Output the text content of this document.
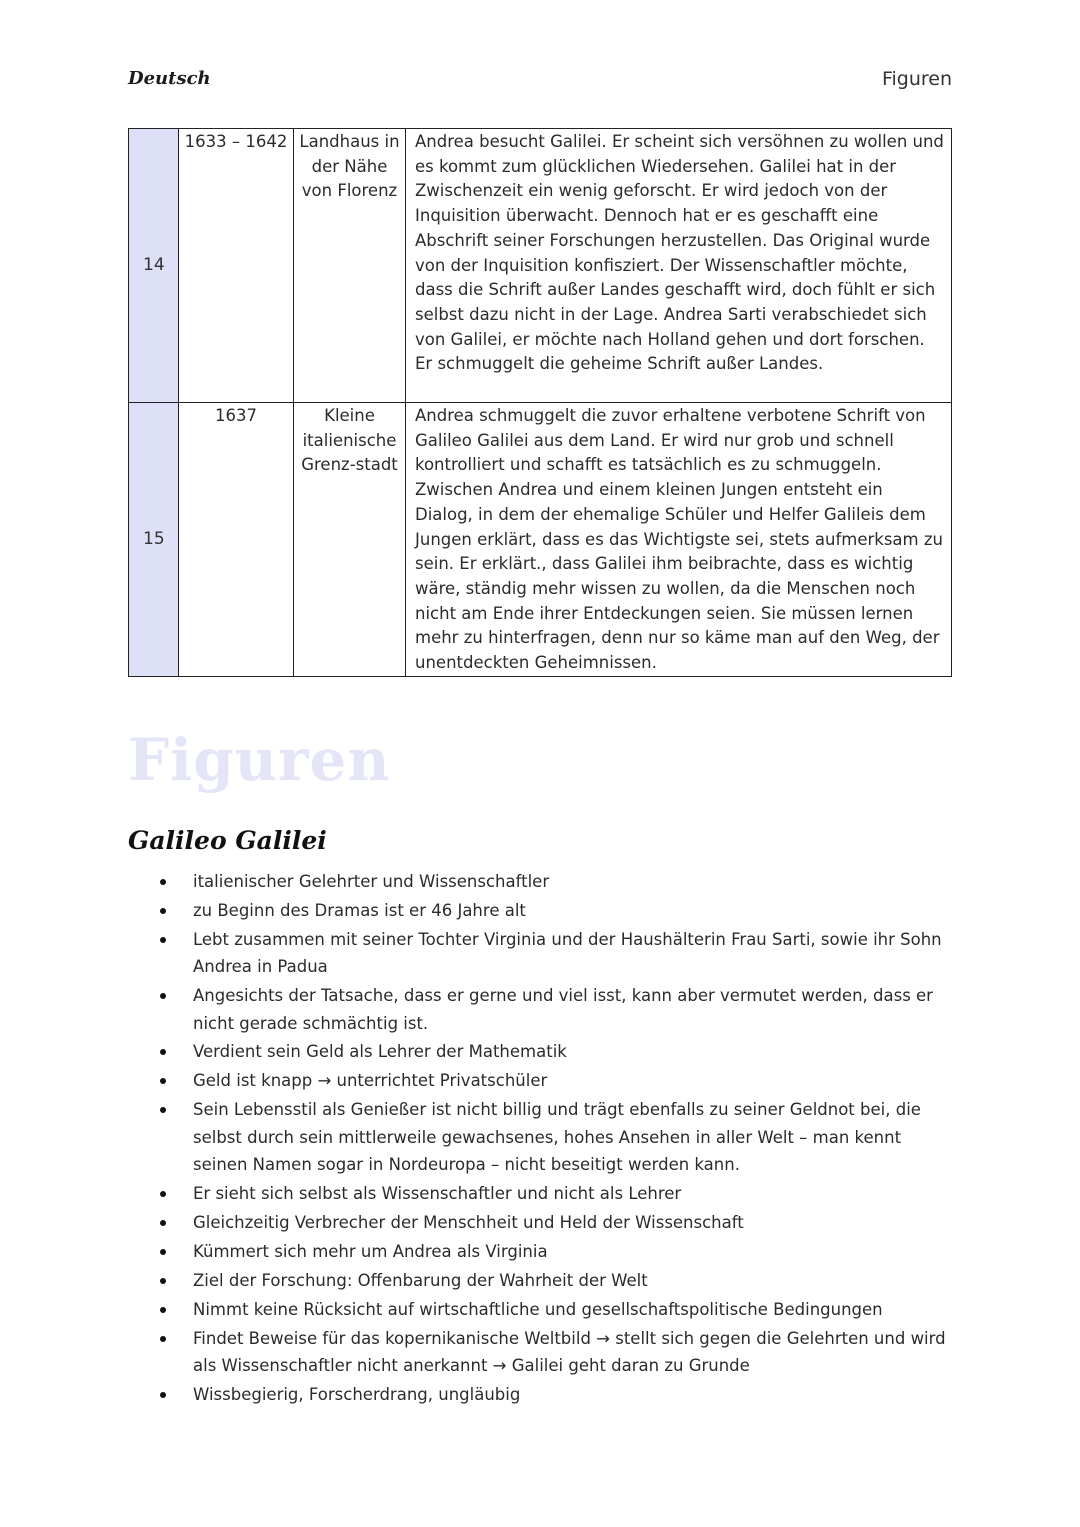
Deutsch	Figuren
14	1633 – 1642	Landhaus in der Nähe von Florenz	Andrea besucht Galilei. Er scheint sich versöhnen zu wollen und es kommt zum glücklichen Wiedersehen. Galilei hat in der Zwischenzeit ein wenig geforscht. Er wird jedoch von der Inquisition überwacht. Dennoch hat er es geschafft eine Abschrift seiner Forschungen herzustellen. Das Original wurde von der Inquisition konfisziert. Der Wissenschaftler möchte, dass die Schrift außer Landes geschafft wird, doch fühlt er sich selbst dazu nicht in der Lage. Andrea Sarti verabschiedet sich von Galilei, er möchte nach Holland gehen und dort forschen. Er schmuggelt die geheime Schrift außer Landes.
15	1637	Kleine italienische Grenz-stadt	Andrea schmuggelt die zuvor erhaltene verbotene Schrift von Galileo Galilei aus dem Land. Er wird nur grob und schnell kontrolliert und schafft es tatsächlich es zu schmuggeln. Zwischen Andrea und einem kleinen Jungen entsteht ein Dialog, in dem der ehemalige Schüler und Helfer Galileis dem Jungen erklärt, dass es das Wichtigste sei, stets aufmerksam zu sein. Er erklärt., dass Galilei ihm beibrachte, dass es wichtig wäre, ständig mehr wissen zu wollen, da die Menschen noch nicht am Ende ihrer Entdeckungen seien. Sie müssen lernen mehr zu hinterfragen, denn nur so käme man auf den Weg, der unentdeckten Geheimnissen.
Figuren
Galileo Galilei
italienischer Gelehrter und Wissenschaftler
zu Beginn des Dramas ist er 46 Jahre alt
Lebt zusammen mit seiner Tochter Virginia und der Haushälterin Frau Sarti, sowie ihr Sohn Andrea in Padua
Angesichts der Tatsache, dass er gerne und viel isst, kann aber vermutet werden, dass er nicht gerade schmächtig ist.
Verdient sein Geld als Lehrer der Mathematik
Geld ist knapp → unterrichtet Privatschüler
Sein Lebensstil als Genießer ist nicht billig und trägt ebenfalls zu seiner Geldnot bei, die selbst durch sein mittlerweile gewachsenes, hohes Ansehen in aller Welt – man kennt seinen Namen sogar in Nordeuropa – nicht beseitigt werden kann.
Er sieht sich selbst als Wissenschaftler und nicht als Lehrer
Gleichzeitig Verbrecher der Menschheit und Held der Wissenschaft
Kümmert sich mehr um Andrea als Virginia
Ziel der Forschung: Offenbarung der Wahrheit der Welt
Nimmt keine Rücksicht auf wirtschaftliche und gesellschaftspolitische Bedingungen
Findet Beweise für das kopernikanische Weltbild → stellt sich gegen die Gelehrten und wird als Wissenschaftler nicht anerkannt → Galilei geht daran zu Grunde
Wissbegierig, Forscherdrang, ungläubig
